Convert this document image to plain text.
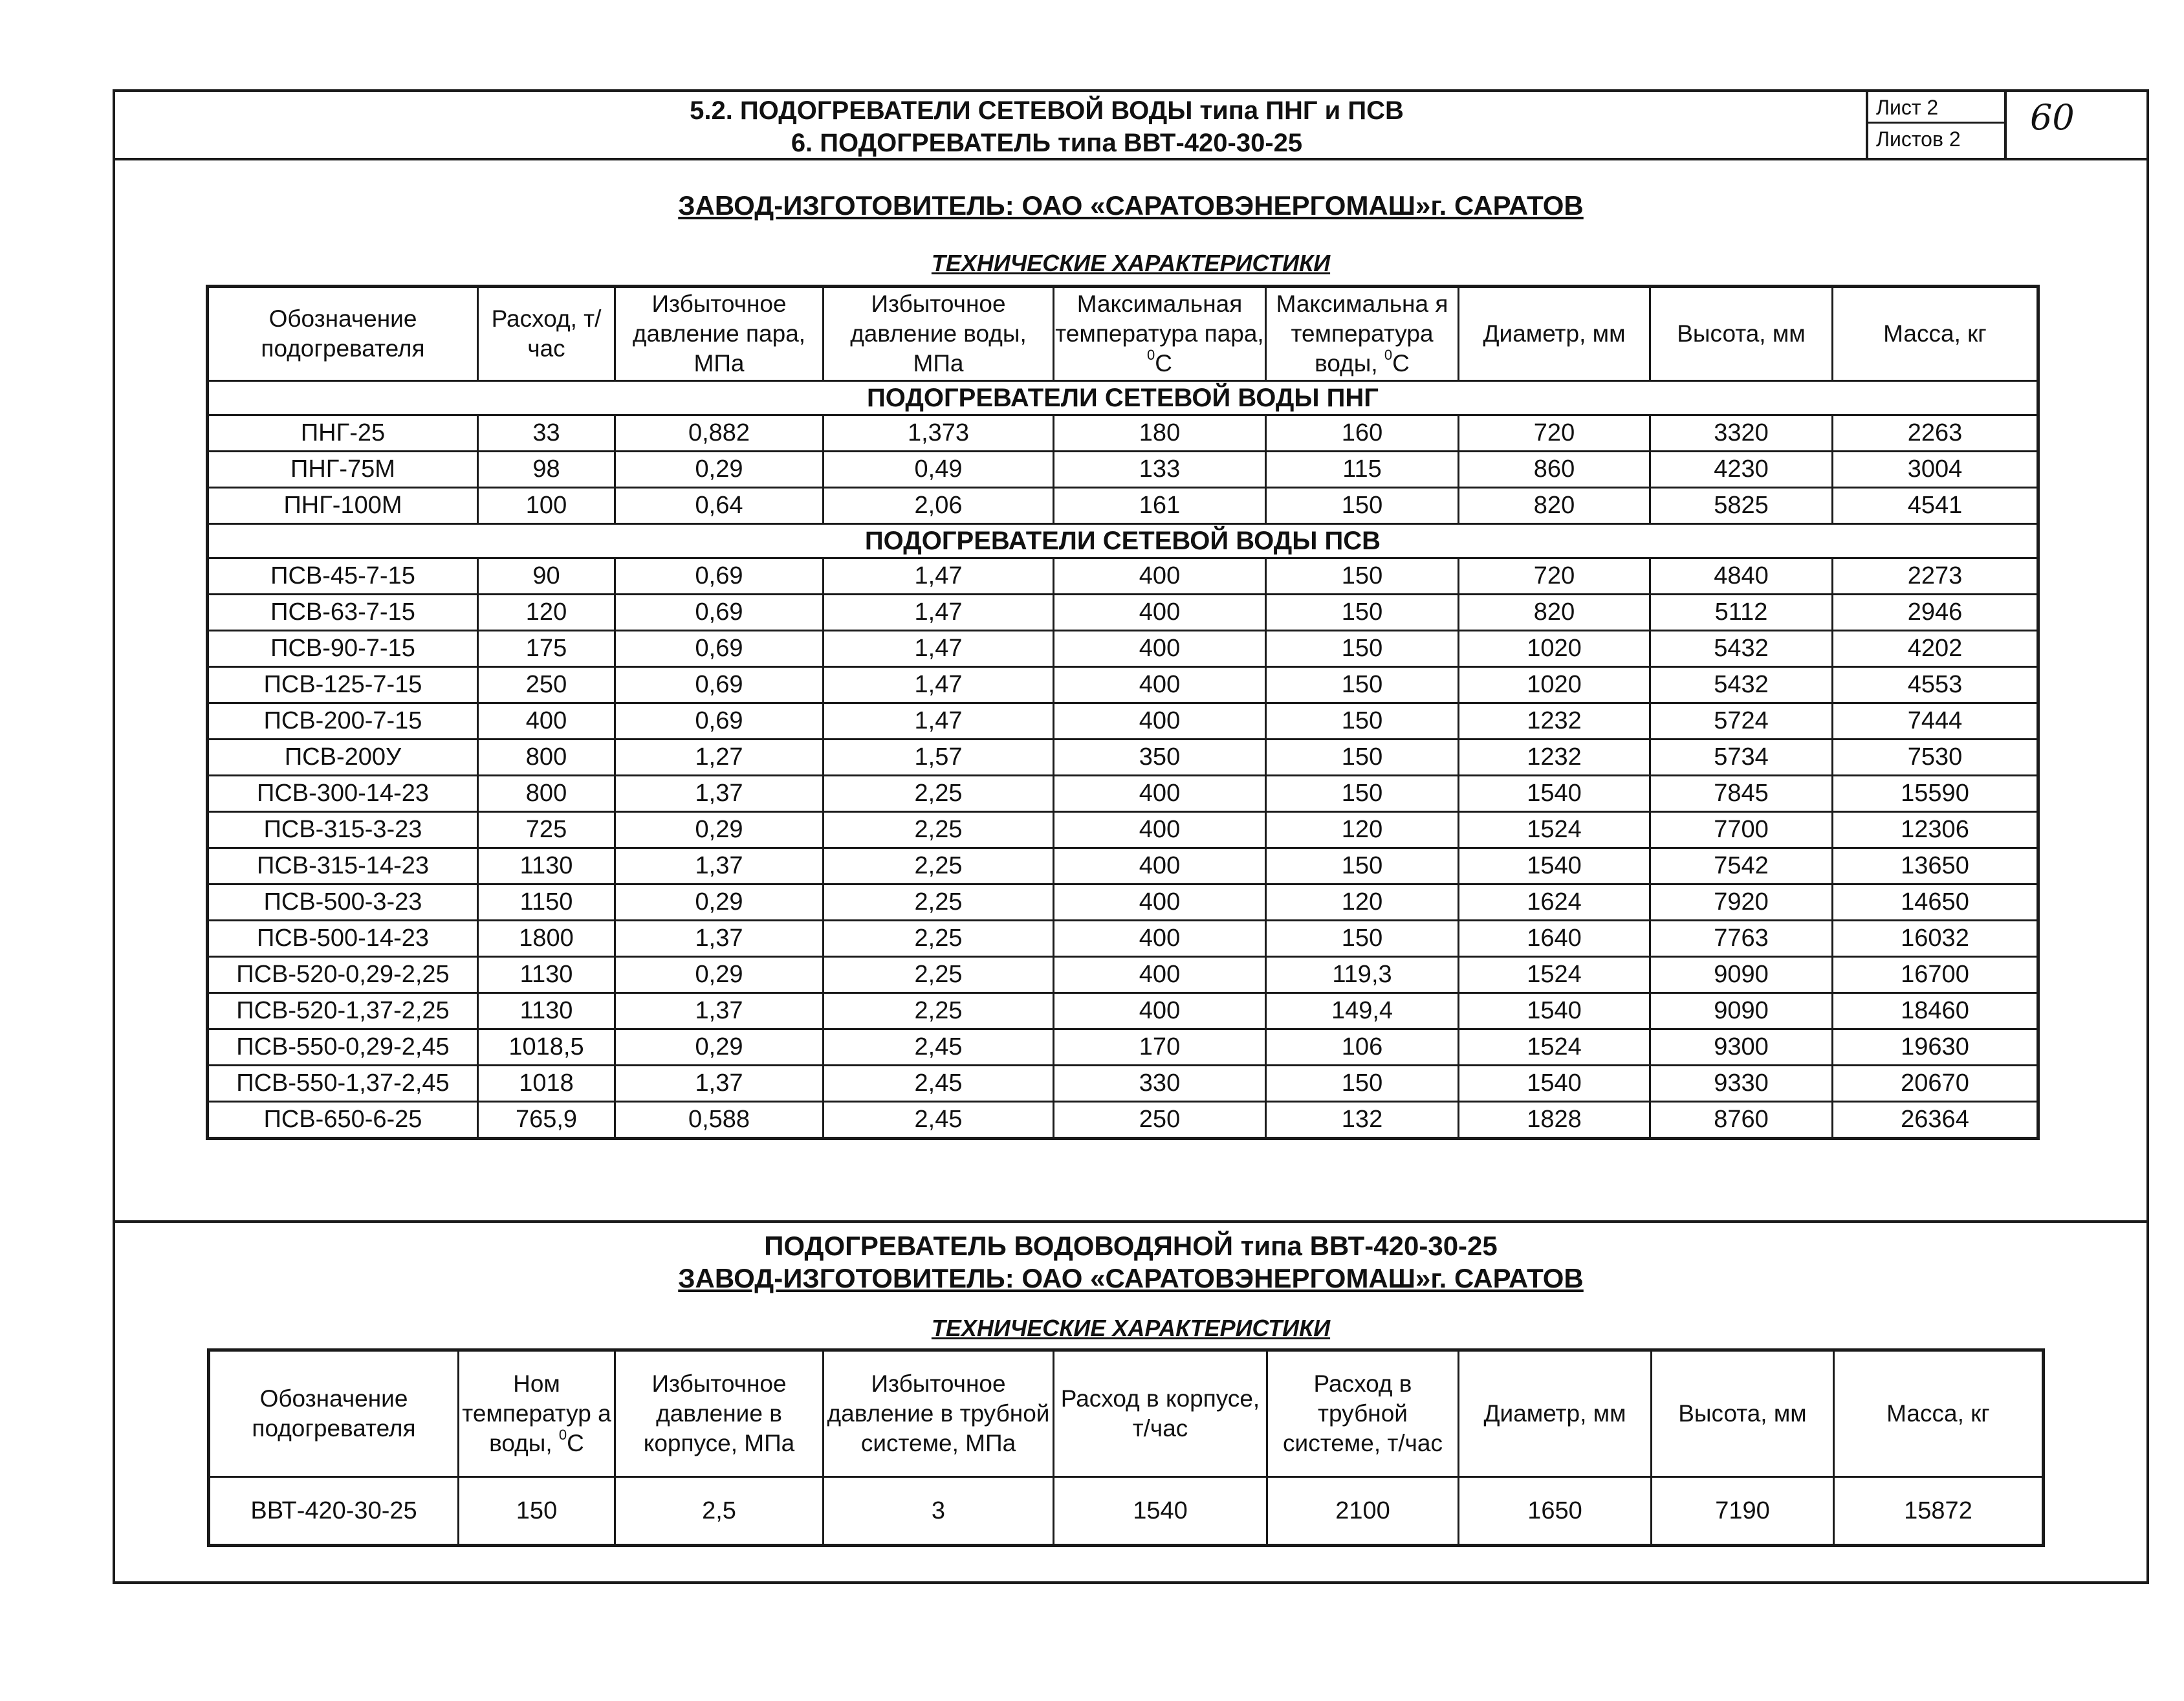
5.2. ПОДОГРЕВАТЕЛИ СЕТЕВОЙ ВОДЫ типа ПНГ и ПСВ
6. ПОДОГРЕВАТЕЛЬ типа ВВТ-420-30-25
Лист 2
Листов 2
60
ЗАВОД-ИЗГОТОВИТЕЛЬ: ОАО «САРАТОВЭНЕРГОМАШ»г. САРАТОВ
ТЕХНИЧЕСКИЕ ХАРАКТЕРИСТИКИ
Обозначение подогревателя	Расход, т/час	Избыточное давление пара, МПа	Избыточное давление воды, МПа	Максимальная температура пара, $^0$C	Максимальна я температура воды, $^0$C	Диаметр, мм	Высота, мм	Масса, кг
ПОДОГРЕВАТЕЛИ СЕТЕВОЙ ВОДЫ ПНГ								
ПНГ-25	33	0,882	1,373	180	160	720	3320	2263
ПНГ-75М	98	0,29	0,49	133	115	860	4230	3004
ПНГ-100М	100	0,64	2,06	161	150	820	5825	4541
ПОДОГРЕВАТЕЛИ СЕТЕВОЙ ВОДЫ ПСВ								
ПСВ-45-7-15	90	0,69	1,47	400	150	720	4840	2273
ПСВ-63-7-15	120	0,69	1,47	400	150	820	5112	2946
ПСВ-90-7-15	175	0,69	1,47	400	150	1020	5432	4202
ПСВ-125-7-15	250	0,69	1,47	400	150	1020	5432	4553
ПСВ-200-7-15	400	0,69	1,47	400	150	1232	5724	7444
ПСВ-200У	800	1,27	1,57	350	150	1232	5734	7530
ПСВ-300-14-23	800	1,37	2,25	400	150	1540	7845	15590
ПСВ-315-3-23	725	0,29	2,25	400	120	1524	7700	12306
ПСВ-315-14-23	1130	1,37	2,25	400	150	1540	7542	13650
ПСВ-500-3-23	1150	0,29	2,25	400	120	1624	7920	14650
ПСВ-500-14-23	1800	1,37	2,25	400	150	1640	7763	16032
ПСВ-520-0,29-2,25	1130	0,29	2,25	400	119,3	1524	9090	16700
ПСВ-520-1,37-2,25	1130	1,37	2,25	400	149,4	1540	9090	18460
ПСВ-550-0,29-2,45	1018,5	0,29	2,45	170	106	1524	9300	19630
ПСВ-550-1,37-2,45	1018	1,37	2,45	330	150	1540	9330	20670
ПСВ-650-6-25	765,9	0,588	2,45	250	132	1828	8760	26364
ПОДОГРЕВАТЕЛЬ ВОДОВОДЯНОЙ типа ВВТ-420-30-25
ЗАВОД-ИЗГОТОВИТЕЛЬ: ОАО «САРАТОВЭНЕРГОМАШ»г. САРАТОВ
ТЕХНИЧЕСКИЕ ХАРАКТЕРИСТИКИ
Обозначение подогревателя	Ном температур а воды, $^0$C	Избыточное давление в корпусе, МПа	Избыточное давление в трубной системе, МПа	Расход в корпусе, т/час	Расход в трубной системе, т/час	Диаметр, мм	Высота, мм	Масса, кг
ВВТ-420-30-25	150	2,5	3	1540	2100	1650	7190	15872
